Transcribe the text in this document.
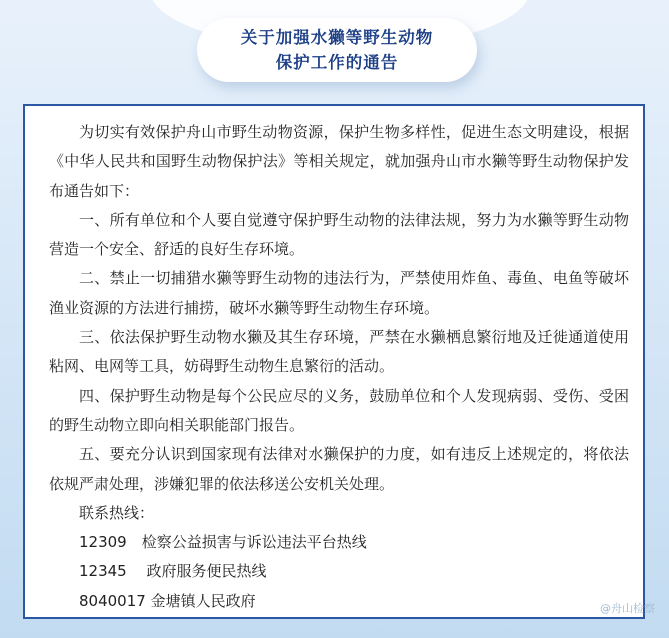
关于加强水獭等野生动物
保护工作的通告

为切实有效保护舟山市野生动物资源，保护生物多样性，促进生态文明建设，根据《中华人民共和国野生动物保护法》等相关规定，就加强舟山市水獭等野生动物保护发布通告如下：

一、所有单位和个人要自觉遵守保护野生动物的法律法规，努力为水獭等野生动物营造一个安全、舒适的良好生存环境。

二、禁止一切捕猎水獭等野生动物的违法行为，严禁使用炸鱼、毒鱼、电鱼等破坏渔业资源的方法进行捕捞，破坏水獭等野生动物生存环境。

三、依法保护野生动物水獭及其生存环境，严禁在水獭栖息繁衍地及迁徙通道使用粘网、电网等工具，妨碍野生动物生息繁衍的活动。

四、保护野生动物是每个公民应尽的义务，鼓励单位和个人发现病弱、受伤、受困的野生动物立即向相关职能部门报告。

五、要充分认识到国家现有法律对水獭保护的力度，如有违反上述规定的，将依法依规严肃处理，涉嫌犯罪的依法移送公安机关处理。

联系热线：

12309　检察公益损害与诉讼违法平台热线

12345　 政府服务便民热线

8040017 金塘镇人民政府	@舟山检察
